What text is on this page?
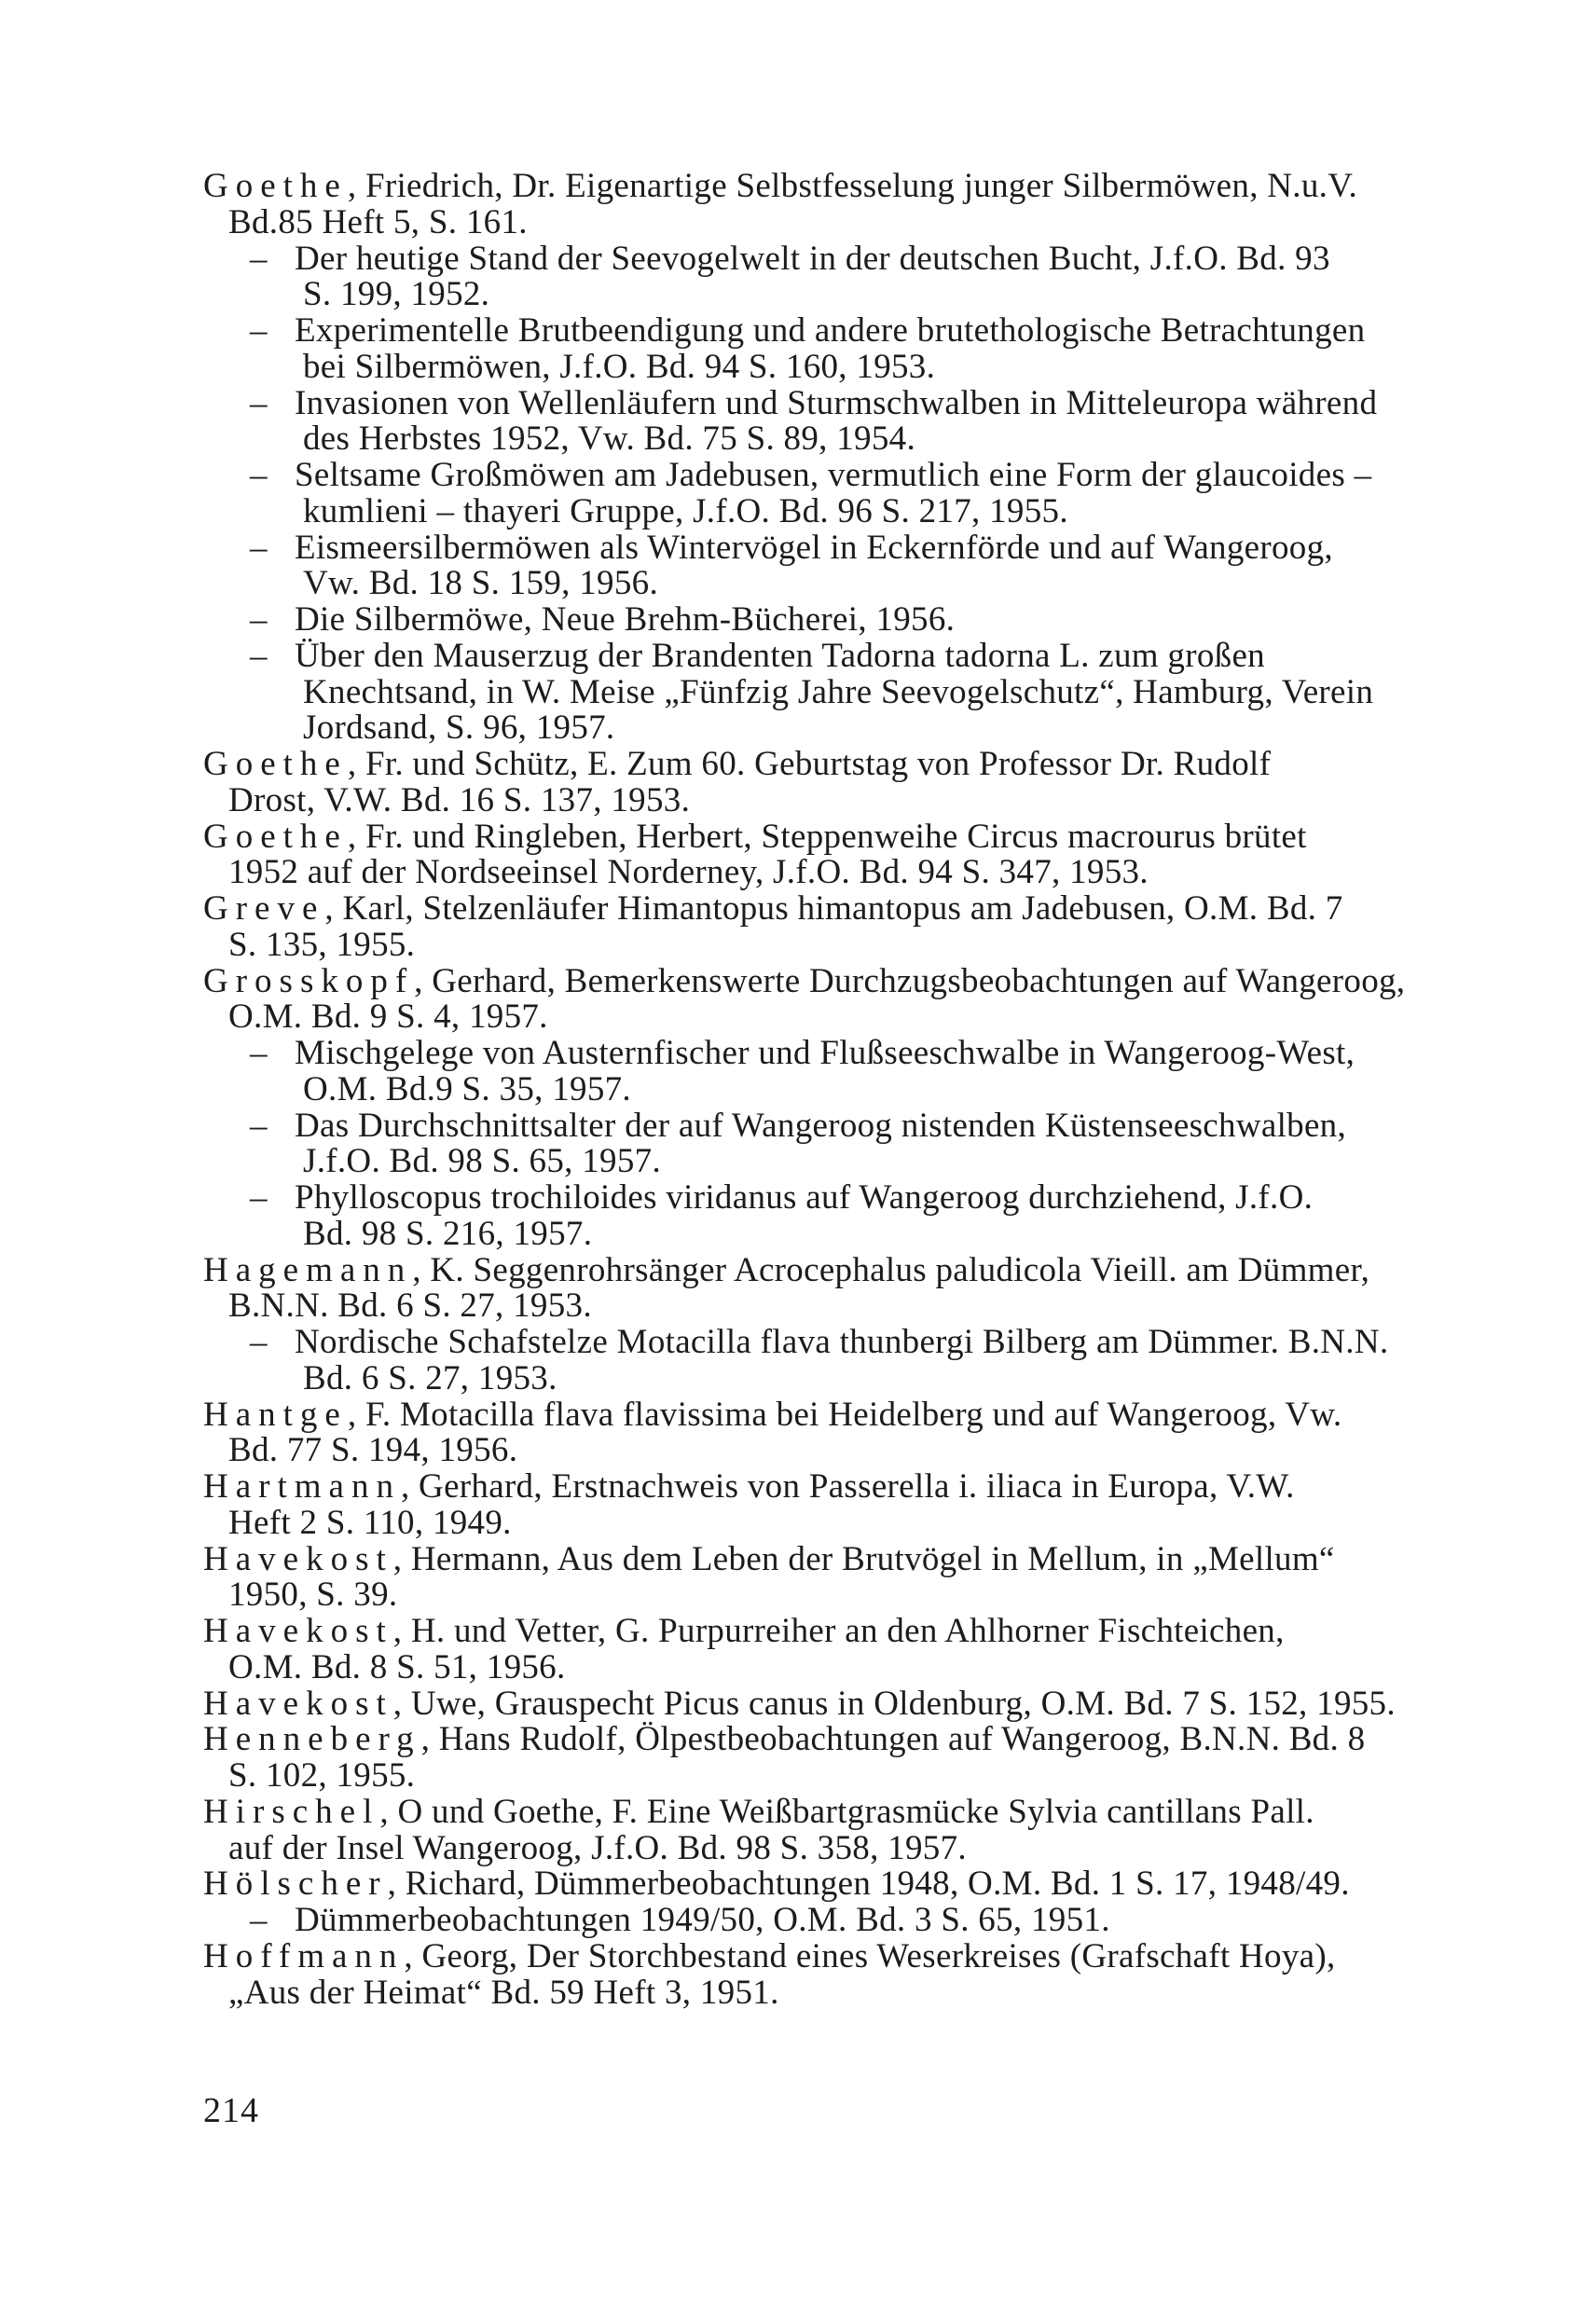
Goethe, Friedrich, Dr. Eigenartige Selbstfesselung junger Silbermöwen, N.u.V.
Bd.85 Heft 5, S. 161.
– Der heutige Stand der Seevogelwelt in der deutschen Bucht, J.f.O. Bd. 93
S. 199, 1952.
– Experimentelle Brutbeendigung und andere brutethologische Betrachtungen
bei Silbermöwen, J.f.O. Bd. 94 S. 160, 1953.
– Invasionen von Wellenläufern und Sturmschwalben in Mitteleuropa während
des Herbstes 1952, Vw. Bd. 75 S. 89, 1954.
– Seltsame Großmöwen am Jadebusen, vermutlich eine Form der glaucoides –
kumlieni – thayeri Gruppe, J.f.O. Bd. 96 S. 217, 1955.
– Eismeersilbermöwen als Wintervögel in Eckernförde und auf Wangeroog,
Vw. Bd. 18 S. 159, 1956.
– Die Silbermöwe, Neue Brehm-Bücherei, 1956.
– Über den Mauserzug der Brandenten Tadorna tadorna L. zum großen
Knechtsand, in W. Meise „Fünfzig Jahre Seevogelschutz“, Hamburg, Verein
Jordsand, S. 96, 1957.
Goethe, Fr. und Schütz, E. Zum 60. Geburtstag von Professor Dr. Rudolf
Drost, V.W. Bd. 16 S. 137, 1953.
Goethe, Fr. und Ringleben, Herbert, Steppenweihe Circus macrourus brütet
1952 auf der Nordseeinsel Norderney, J.f.O. Bd. 94 S. 347, 1953.
Greve, Karl, Stelzenläufer Himantopus himantopus am Jadebusen, O.M. Bd. 7
S. 135, 1955.
Grosskopf, Gerhard, Bemerkenswerte Durchzugsbeobachtungen auf Wangeroog,
O.M. Bd. 9 S. 4, 1957.
– Mischgelege von Austernfischer und Flußseeschwalbe in Wangeroog-West,
O.M. Bd.9 S. 35, 1957.
– Das Durchschnittsalter der auf Wangeroog nistenden Küstenseeschwalben,
J.f.O. Bd. 98 S. 65, 1957.
– Phylloscopus trochiloides viridanus auf Wangeroog durchziehend, J.f.O.
Bd. 98 S. 216, 1957.
Hagemann, K. Seggenrohrsänger Acrocephalus paludicola Vieill. am Dümmer,
B.N.N. Bd. 6 S. 27, 1953.
– Nordische Schafstelze Motacilla flava thunbergi Bilberg am Dümmer. B.N.N.
Bd. 6 S. 27, 1953.
Hantge, F. Motacilla flava flavissima bei Heidelberg und auf Wangeroog, Vw.
Bd. 77 S. 194, 1956.
Hartmann, Gerhard, Erstnachweis von Passerella i. iliaca in Europa, V.W.
Heft 2 S. 110, 1949.
Havekost, Hermann, Aus dem Leben der Brutvögel in Mellum, in „Mellum“
1950, S. 39.
Havekost, H. und Vetter, G. Purpurreiher an den Ahlhorner Fischteichen,
O.M. Bd. 8 S. 51, 1956.
Havekost, Uwe, Grauspecht Picus canus in Oldenburg, O.M. Bd. 7 S. 152, 1955.
Henneberg, Hans Rudolf, Ölpestbeobachtungen auf Wangeroog, B.N.N. Bd. 8
S. 102, 1955.
Hirschel, O und Goethe, F. Eine Weißbartgrasmücke Sylvia cantillans Pall.
auf der Insel Wangeroog, J.f.O. Bd. 98 S. 358, 1957.
Hölscher, Richard, Dümmerbeobachtungen 1948, O.M. Bd. 1 S. 17, 1948/49.
– Dümmerbeobachtungen 1949/50, O.M. Bd. 3 S. 65, 1951.
Hoffmann, Georg, Der Storchbestand eines Weserkreises (Grafschaft Hoya),
„Aus der Heimat“ Bd. 59 Heft 3, 1951.
214
